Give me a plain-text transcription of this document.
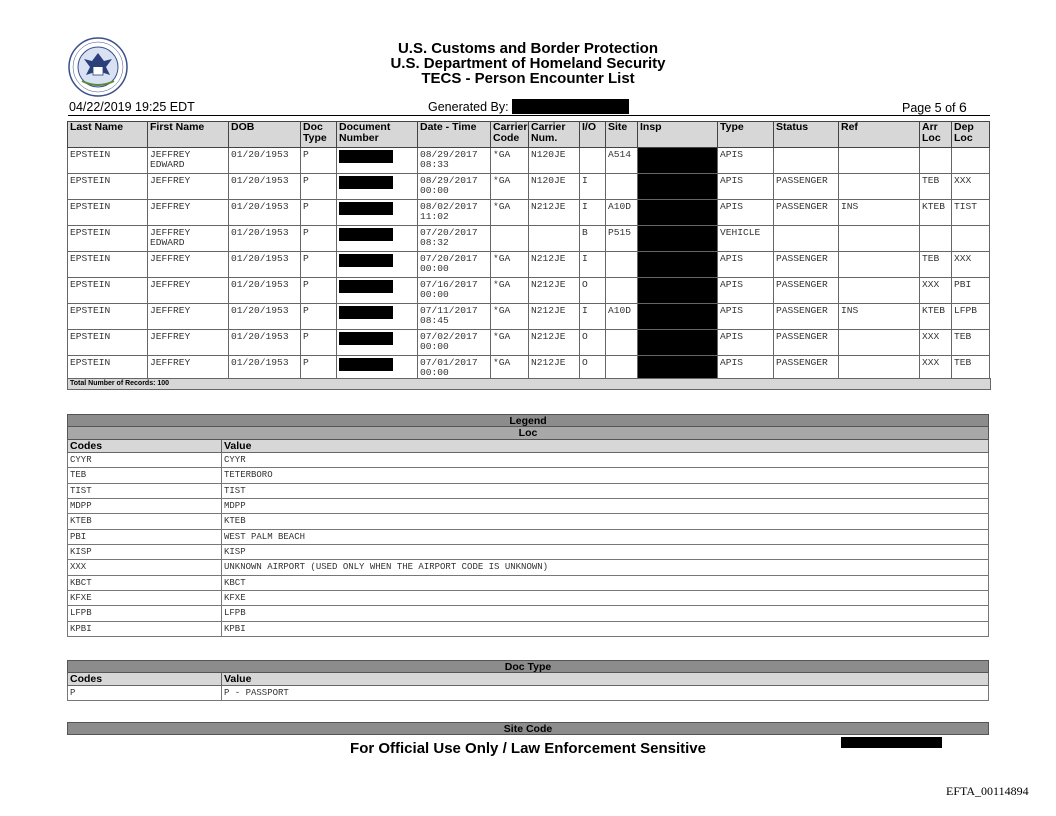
U.S. Customs and Border Protection
U.S. Department of Homeland Security
TECS - Person Encounter List
04/22/2019 19:25 EDT	Generated By:	Page 5 of 6
Last Name	First Name	DOB	Doc Type	Document Number	Date - Time	Carrier Code	Carrier Num.	I/O	Site	Insp	Type	Status	Ref	Arr Loc	Dep Loc
EPSTEIN	JEFFREY EDWARD	01/20/1953	P		08/29/2017 08:33	*GA	N120JE		A514		APIS				
EPSTEIN	JEFFREY	01/20/1953	P		08/29/2017 00:00	*GA	N120JE	I			APIS	PASSENGER		TEB	XXX
EPSTEIN	JEFFREY	01/20/1953	P		08/02/2017 11:02	*GA	N212JE	I	A10D		APIS	PASSENGER	INS	KTEB	TIST
EPSTEIN	JEFFREY EDWARD	01/20/1953	P		07/20/2017 08:32			B	P515		VEHICLE				
EPSTEIN	JEFFREY	01/20/1953	P		07/20/2017 00:00	*GA	N212JE	I			APIS	PASSENGER		TEB	XXX
EPSTEIN	JEFFREY	01/20/1953	P		07/16/2017 00:00	*GA	N212JE	O			APIS	PASSENGER		XXX	PBI
EPSTEIN	JEFFREY	01/20/1953	P		07/11/2017 08:45	*GA	N212JE	I	A10D		APIS	PASSENGER	INS	KTEB	LFPB
EPSTEIN	JEFFREY	01/20/1953	P		07/02/2017 00:00	*GA	N212JE	O			APIS	PASSENGER		XXX	TEB
EPSTEIN	JEFFREY	01/20/1953	P		07/01/2017 00:00	*GA	N212JE	O			APIS	PASSENGER		XXX	TEB
Total Number of Records: 100
Legend
Loc
Codes	Value
CYYR	CYYR
TEB	TETERBORO
TIST	TIST
MDPP	MDPP
KTEB	KTEB
PBI	WEST PALM BEACH
KISP	KISP
XXX	UNKNOWN AIRPORT (USED ONLY WHEN THE AIRPORT CODE IS UNKNOWN)
KBCT	KBCT
KFXE	KFXE
LFPB	LFPB
KPBI	KPBI
Doc Type
Codes	Value
P	P - PASSPORT
Site Code
For Official Use Only / Law Enforcement Sensitive
EFTA_00114894
